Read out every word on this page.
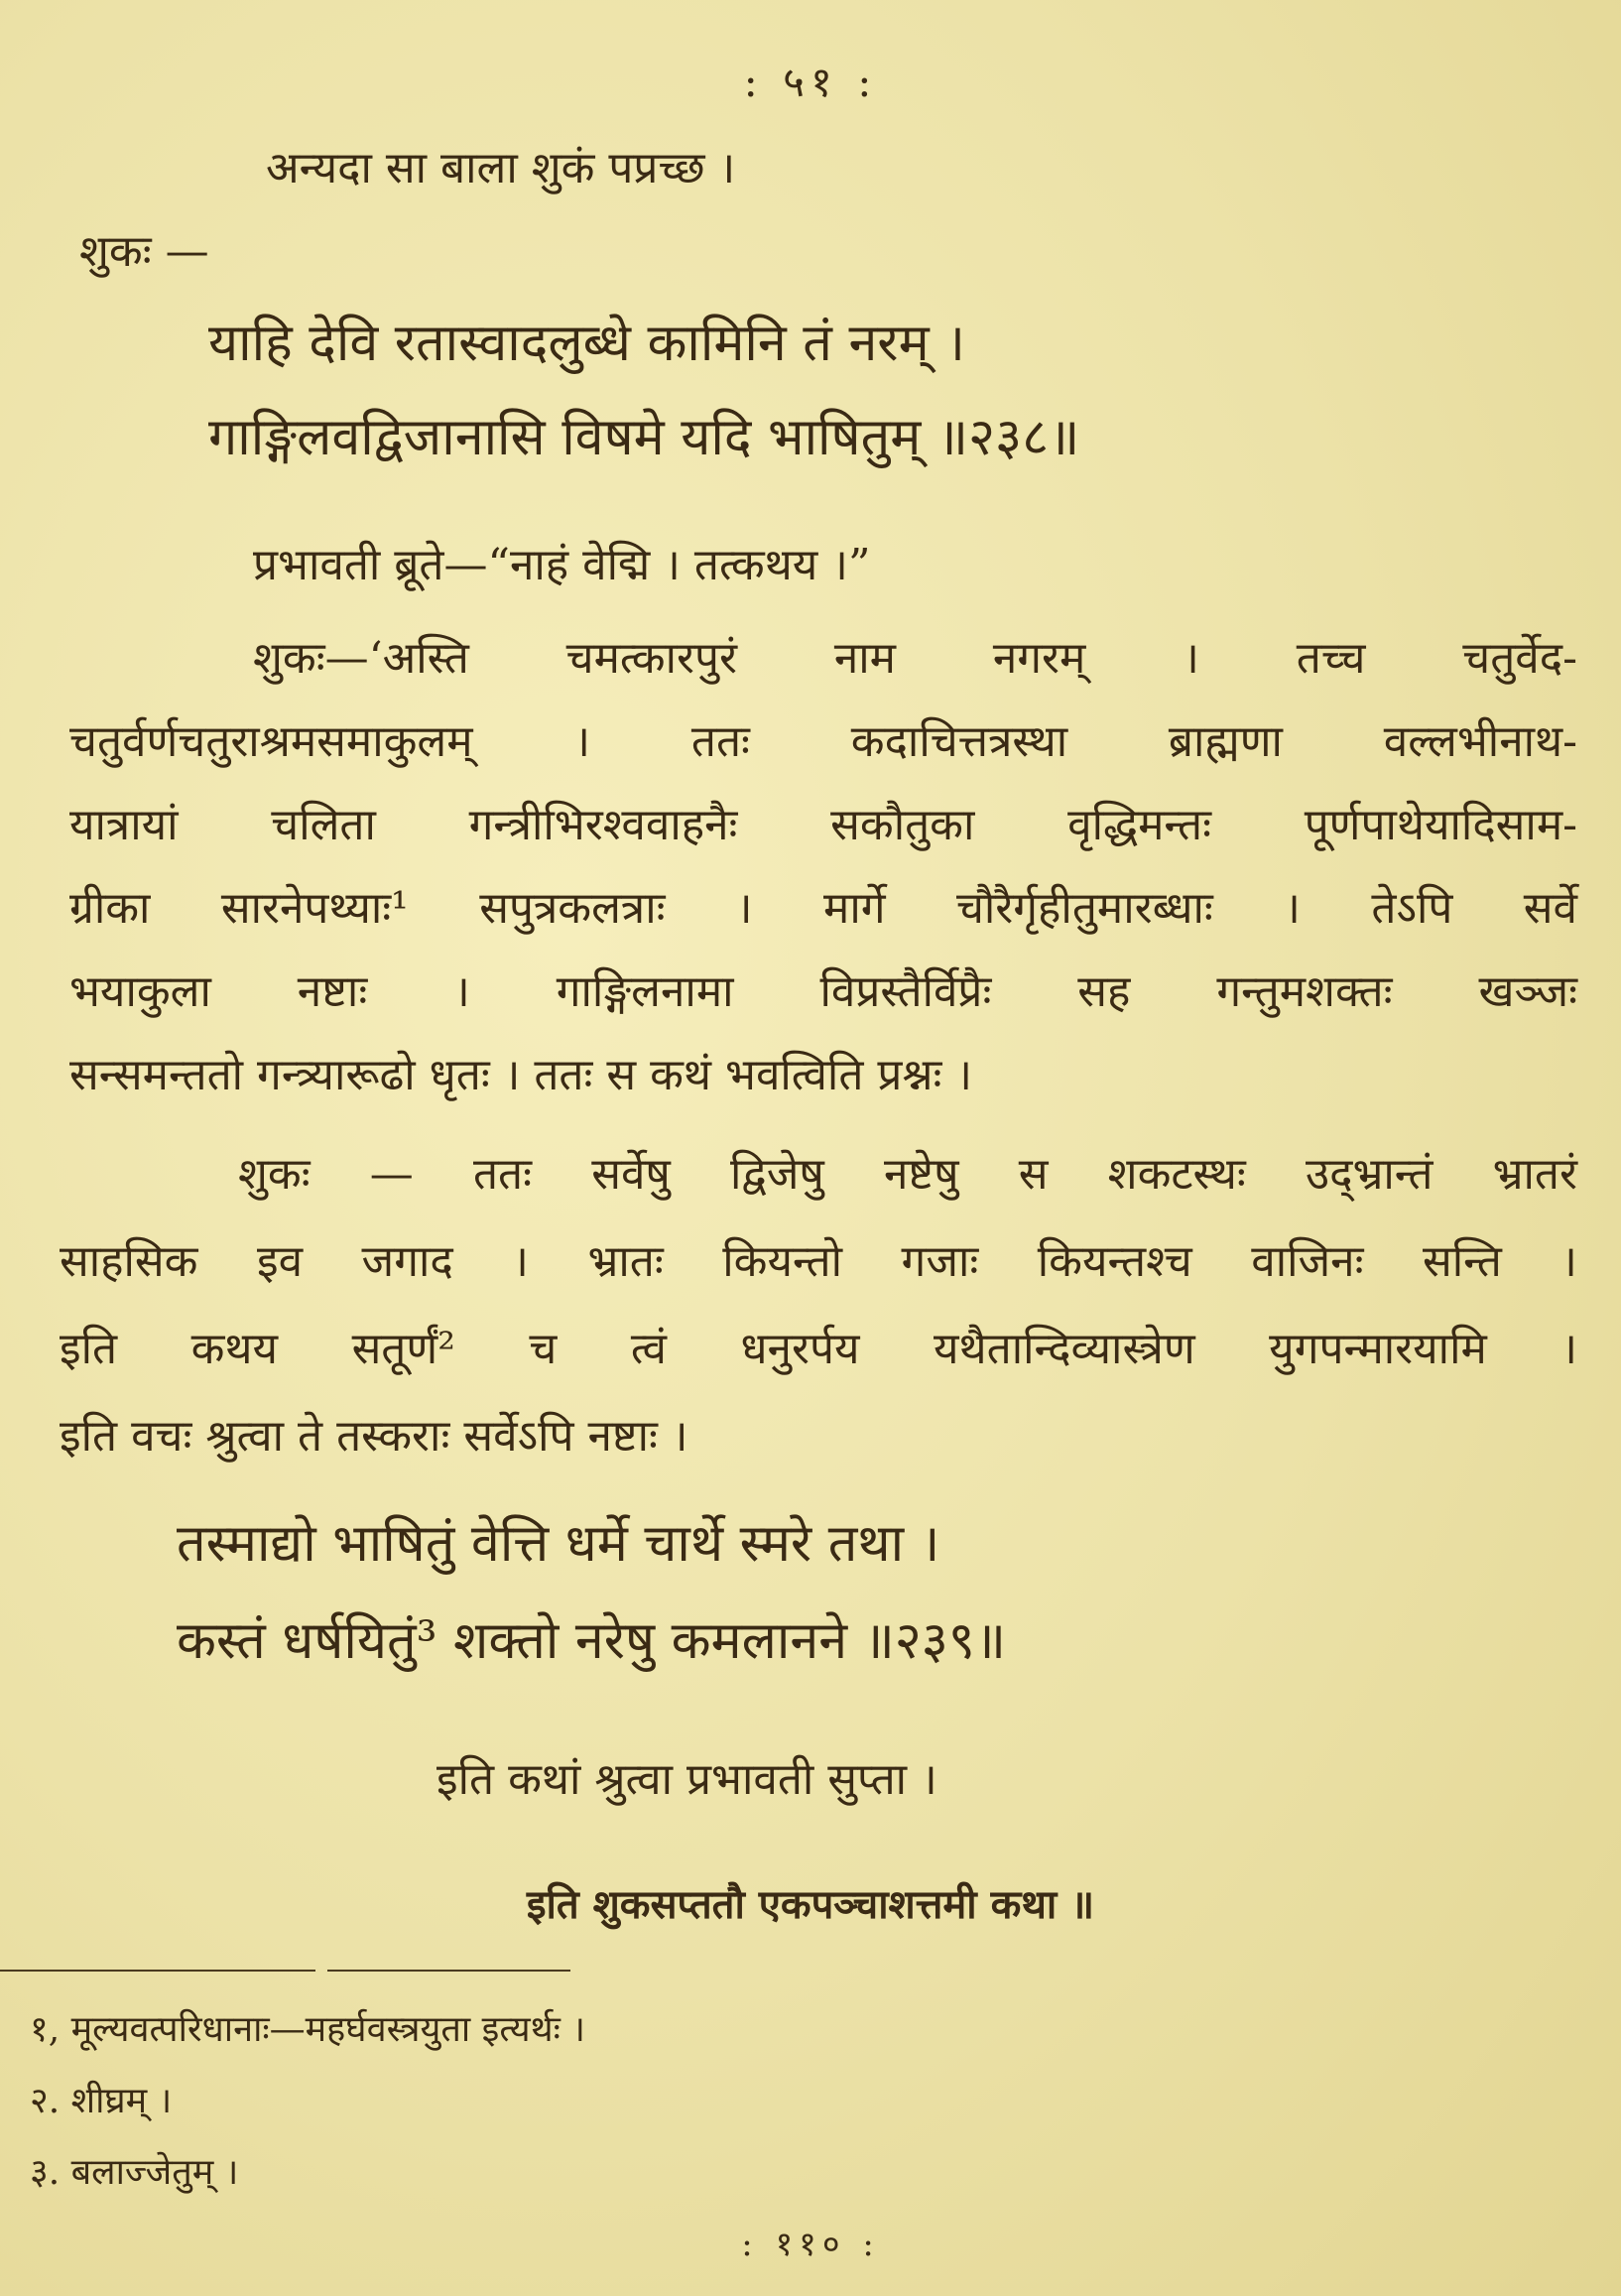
: ५१ :
अन्यदा सा बाला शुकं पप्रच्छ ।
शुकः —
याहि देवि रतास्वादलुब्धे कामिनि तं नरम् ।
गाङ्गिलवद्विजानासि विषमे यदि भाषितुम् ॥२३८॥
प्रभावती ब्रूते—“नाहं वेद्मि । तत्कथय ।”
शुकः—‘अस्ति चमत्कारपुरं नाम नगरम् । तच्च चतुर्वेद-
चतुर्वर्णचतुराश्रमसमाकुलम् । ततः कदाचित्तत्रस्था ब्राह्मणा वल्लभीनाथ-
यात्रायां चलिता गन्त्रीभिरश्ववाहनैः सकौतुका वृद्धिमन्तः पूर्णपाथेयादिसाम-
ग्रीका सारनेपथ्याः¹ सपुत्रकलत्राः । मार्गे चौरैर्गृहीतुमारब्धाः । तेऽपि सर्वे
भयाकुला नष्टाः । गाङ्गिलनामा विप्रस्तैर्विप्रैः सह गन्तुमशक्तः खञ्जः
सन्समन्ततो गन्त्र्यारूढो धृतः । ततः स कथं भवत्विति प्रश्नः ।
शुकः — ततः सर्वेषु द्विजेषु नष्टेषु स शकटस्थः उद्भ्रान्तं भ्रातरं
साहसिक इव जगाद । भ्रातः कियन्तो गजाः कियन्तश्च वाजिनः सन्ति ।
इति कथय सतूर्णं² च त्वं धनुरर्पय यथैतान्दिव्यास्त्रेण युगपन्मारयामि ।
इति वचः श्रुत्वा ते तस्कराः सर्वेऽपि नष्टाः ।
तस्माद्यो भाषितुं वेत्ति धर्मे चार्थे स्मरे तथा ।
कस्तं धर्षयितुं³ शक्तो नरेषु कमलानने ॥२३९॥
इति कथां श्रुत्वा प्रभावती सुप्ता ।
इति शुकसप्ततौ एकपञ्चाशत्तमी कथा ॥
१, मूल्यवत्परिधानाः—महर्घवस्त्रयुता इत्यर्थः ।
२. शीघ्रम् ।
३. बलाज्जेतुम् ।
: ११० :
